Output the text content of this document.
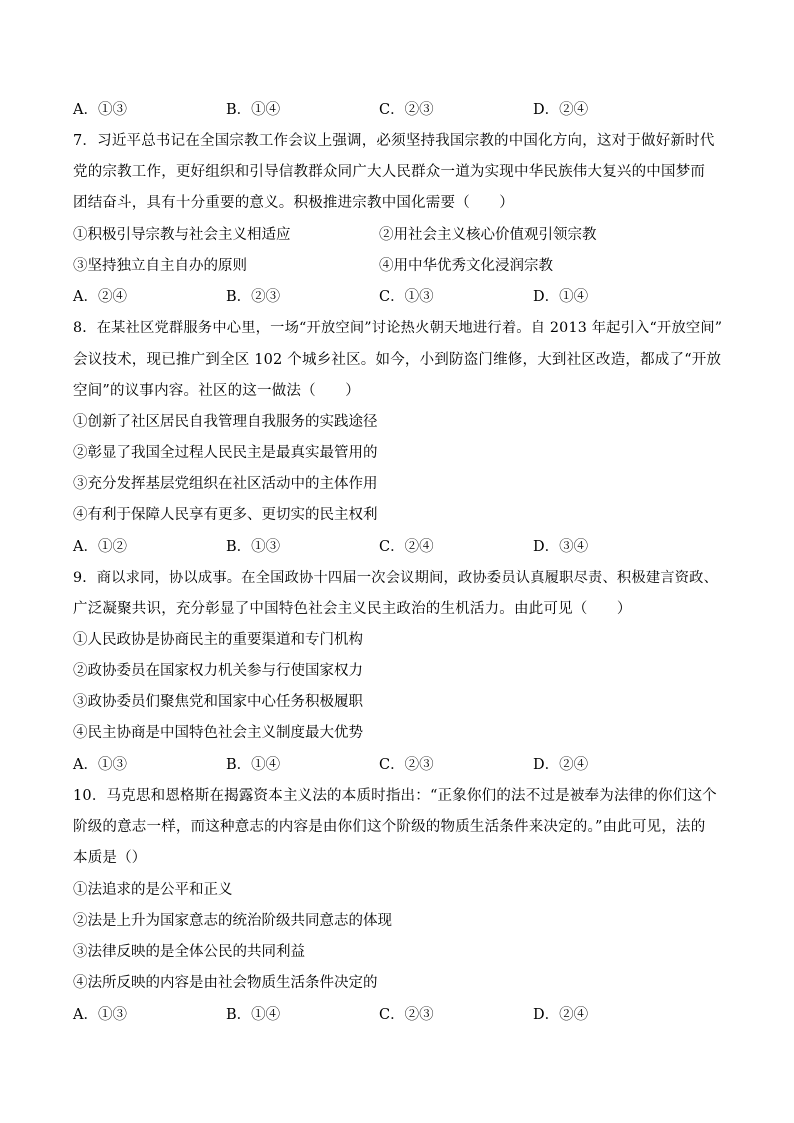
A．①③	B．①④	C．②③	D．②④
7．习近平总书记在全国宗教工作会议上强调，必须坚持我国宗教的中国化方向，这对于做好新时代
党的宗教工作，更好组织和引导信教群众同广大人民群众一道为实现中华民族伟大复兴的中国梦而
团结奋斗，具有十分重要的意义。积极推进宗教中国化需要（　　）
①积极引导宗教与社会主义相适应	②用社会主义核心价值观引领宗教
③坚持独立自主自办的原则	④用中华优秀文化浸润宗教
A．②④	B．②③	C．①③	D．①④
8．在某社区党群服务中心里，一场“开放空间”讨论热火朝天地进行着。自 2013 年起引入“开放空间”
会议技术，现已推广到全区 102 个城乡社区。如今，小到防盗门维修，大到社区改造，都成了“开放
空间”的议事内容。社区的这一做法（　　）
①创新了社区居民自我管理自我服务的实践途径
②彰显了我国全过程人民民主是最真实最管用的
③充分发挥基层党组织在社区活动中的主体作用
④有利于保障人民享有更多、更切实的民主权利
A．①②	B．①③	C．②④	D．③④
9．商以求同，协以成事。在全国政协十四届一次会议期间，政协委员认真履职尽责、积极建言资政、
广泛凝聚共识，充分彰显了中国特色社会主义民主政治的生机活力。由此可见（　　）
①人民政协是协商民主的重要渠道和专门机构
②政协委员在国家权力机关参与行使国家权力
③政协委员们聚焦党和国家中心任务积极履职
④民主协商是中国特色社会主义制度最大优势
A．①③	B．①④	C．②③	D．②④
10．马克思和恩格斯在揭露资本主义法的本质时指出：“正象你们的法不过是被奉为法律的你们这个
阶级的意志一样，而这种意志的内容是由你们这个阶级的物质生活条件来决定的。”由此可见，法的
本质是（）
①法追求的是公平和正义
②法是上升为国家意志的统治阶级共同意志的体现
③法律反映的是全体公民的共同利益
④法所反映的内容是由社会物质生活条件决定的
A．①③	B．①④	C．②③	D．②④
